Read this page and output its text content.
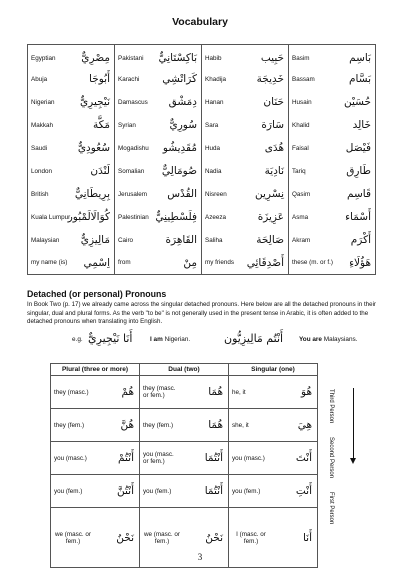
Vocabulary
Egyptian	مِصْرِيٌّ	Pakistani	بَاكِسْتَانِيٌّ	Habib	حَبِيب	Basim	بَاسِم
Abuja	أَبُوجَا	Karachi	كَرَاتْشِي	Khadija	خَدِيجَة	Bassam	بَسَّام
Nigerian	نَيْجِيرِيٌّ	Damascus	دِمَشْق	Hanan	حَنَان	Husain	حُسَيْن
Makkah	مَكَّة	Syrian	سُورِيٌّ	Sara	سَارَة	Khalid	خَالِد
Saudi	سُعُودِيٌّ	Mogadishu	مُقَدِيشُو	Huda	هُدَى	Faisal	فَيْصَل
London	لَنْدَن	Somalian	صُومَالِيٌّ	Nadia	نَادِيَة	Tariq	طَارِق
British	بِرِيطَانِيٌّ	Jerusalem	القُدْس	Nisreen	نِسْرِين	Qasim	قَاسِم
Kuala Lumpur	كُوَالَالَمْبُور	Palestinian	فِلَسْطِينِيٌّ	Azeeza	عَزِيزَة	Asma	أَسْمَاء
Malaysian	مَالِيزِيٌّ	Cairo	القَاهِرَة	Saliha	صَالِحَة	Akram	أَكْرَم
my name (is)	اِسْمِي	from	مِنْ	my friends	أَصْدِقَائِي	these (m. or f.)	هَؤُلَاءِ
Detached (or personal) Pronouns
In Book Two (p. 17) we already came across the singular detached pronouns. Here below are all the detached pronouns in their singular, dual and plural forms. As the verb "to be" is not generally used in the present tense in Arabic, it is often added to the detached pronouns when translating into English.
e.g. أَنَا نَيْجِيرِيٌّ	I am Nigerian.	أَنْتُم مَالِيزِيُّون You are Malaysians.
Plural (three or more)		Dual (two)		Singular (one)	
they (masc.)	هُمْ	they (masc. or fem.)	هُمَا	he, it	هُوَ
they (fem.)	هُنَّ	they (fem.)	هُمَا	she, it	هِيَ
you (masc.)	أَنْتُمْ	you (masc. or fem.)	أَنْتُمَا	you (masc.)	أَنْتَ
you (fem.)	أَنْتُنَّ	you (fem.)	أَنْتُمَا	you (fem.)	أَنْتِ
we (masc. or fem.)	نَحْنُ	we (masc. or fem.)	نَحْنُ	I (masc. or fem.)	أَنَا
Third Person
Second Person
First Person
3
